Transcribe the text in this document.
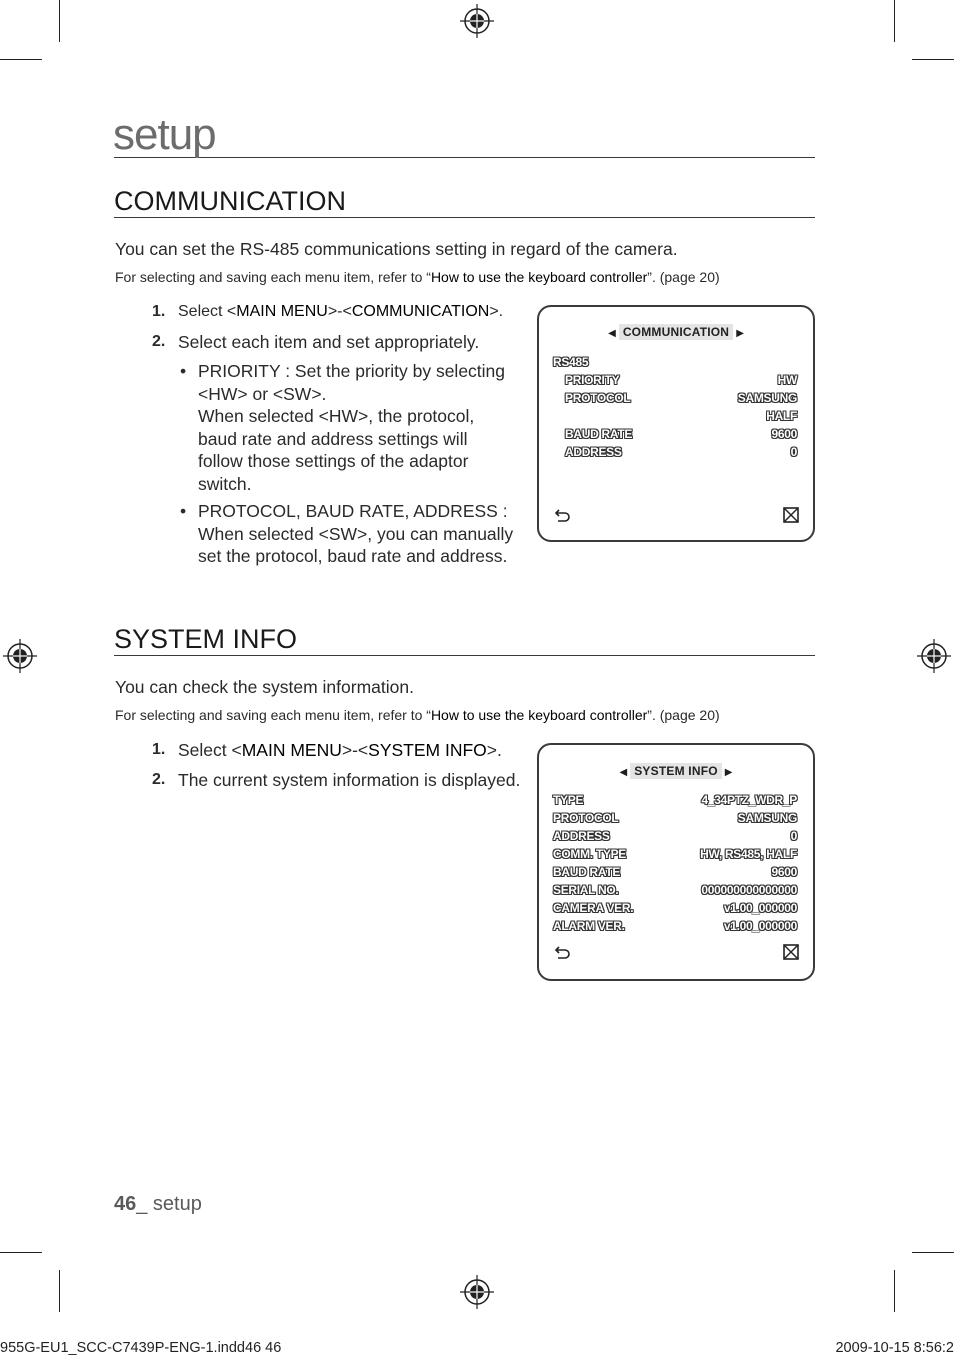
setup
COMMUNICATION
You can set the RS-485 communications setting in regard of the camera.
For selecting and saving each menu item, refer to “How to use the keyboard controller”. (page 20)
1. Select <MAIN MENU>-<COMMUNICATION>.
2. Select each item and set appropriately.
• PRIORITY : Set the priority by selecting
<HW> or <SW>.
When selected <HW>, the protocol,
baud rate and address settings will
follow those settings of the adaptor
switch.
• PROTOCOL, BAUD RATE, ADDRESS :
When selected <SW>, you can manually
set the protocol, baud rate and address.
◀ COMMUNICATION ▶
RS485
PRIORITY	HW
PROTOCOL	SAMSUNG
HALF
BAUD RATE	9600
ADDRESS	0
SYSTEM INFO
You can check the system information.
For selecting and saving each menu item, refer to “How to use the keyboard controller”. (page 20)
1. Select <MAIN MENU>-<SYSTEM INFO>.
2. The current system information is displayed.	◀ SYSTEM INFO ▶
TYPE	4_34PTZ_WDR_P
PROTOCOL	SAMSUNG
ADDRESS	0
COMM. TYPE	HW, RS485, HALF
BAUD RATE	9600
SERIAL NO.	000000000000000
CAMERA VER.	v1.00_000000
ALARM VER.	v1.00_000000
46_ setup
955G-EU1_SCC-C7439P-ENG-1.indd46 46	2009-10-15 8:56:2
